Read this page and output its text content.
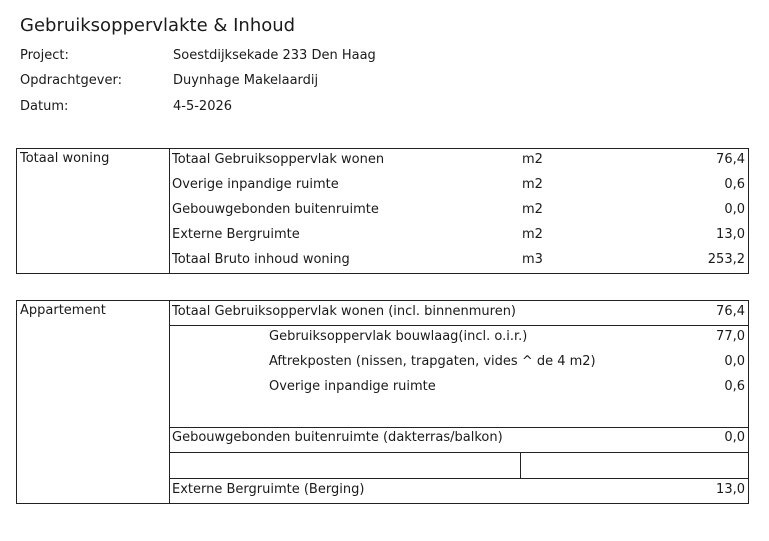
Gebruiksoppervlakte & Inhoud
Project:	Soestdijksekade 233 Den Haag
Opdrachtgever:	Duynhage Makelaardij
Datum:	4-5-2026
Totaal woning	Totaal Gebruiksoppervlak wonen	m2	76,4
Overige inpandige ruimte	m2	0,6
Gebouwgebonden buitenruimte	m2	0,0
Externe Bergruimte	m2	13,0
Totaal Bruto inhoud woning	m3	253,2
Appartement	Totaal Gebruiksoppervlak wonen (incl. binnenmuren)	76,4
Gebruiksoppervlak bouwlaag(incl. o.i.r.)	77,0
Aftrekposten (nissen, trapgaten, vides ^ de 4 m2)	0,0
Overige inpandige ruimte	0,6
Gebouwgebonden buitenruimte (dakterras/balkon)	0,0
Externe Bergruimte (Berging)	13,0
